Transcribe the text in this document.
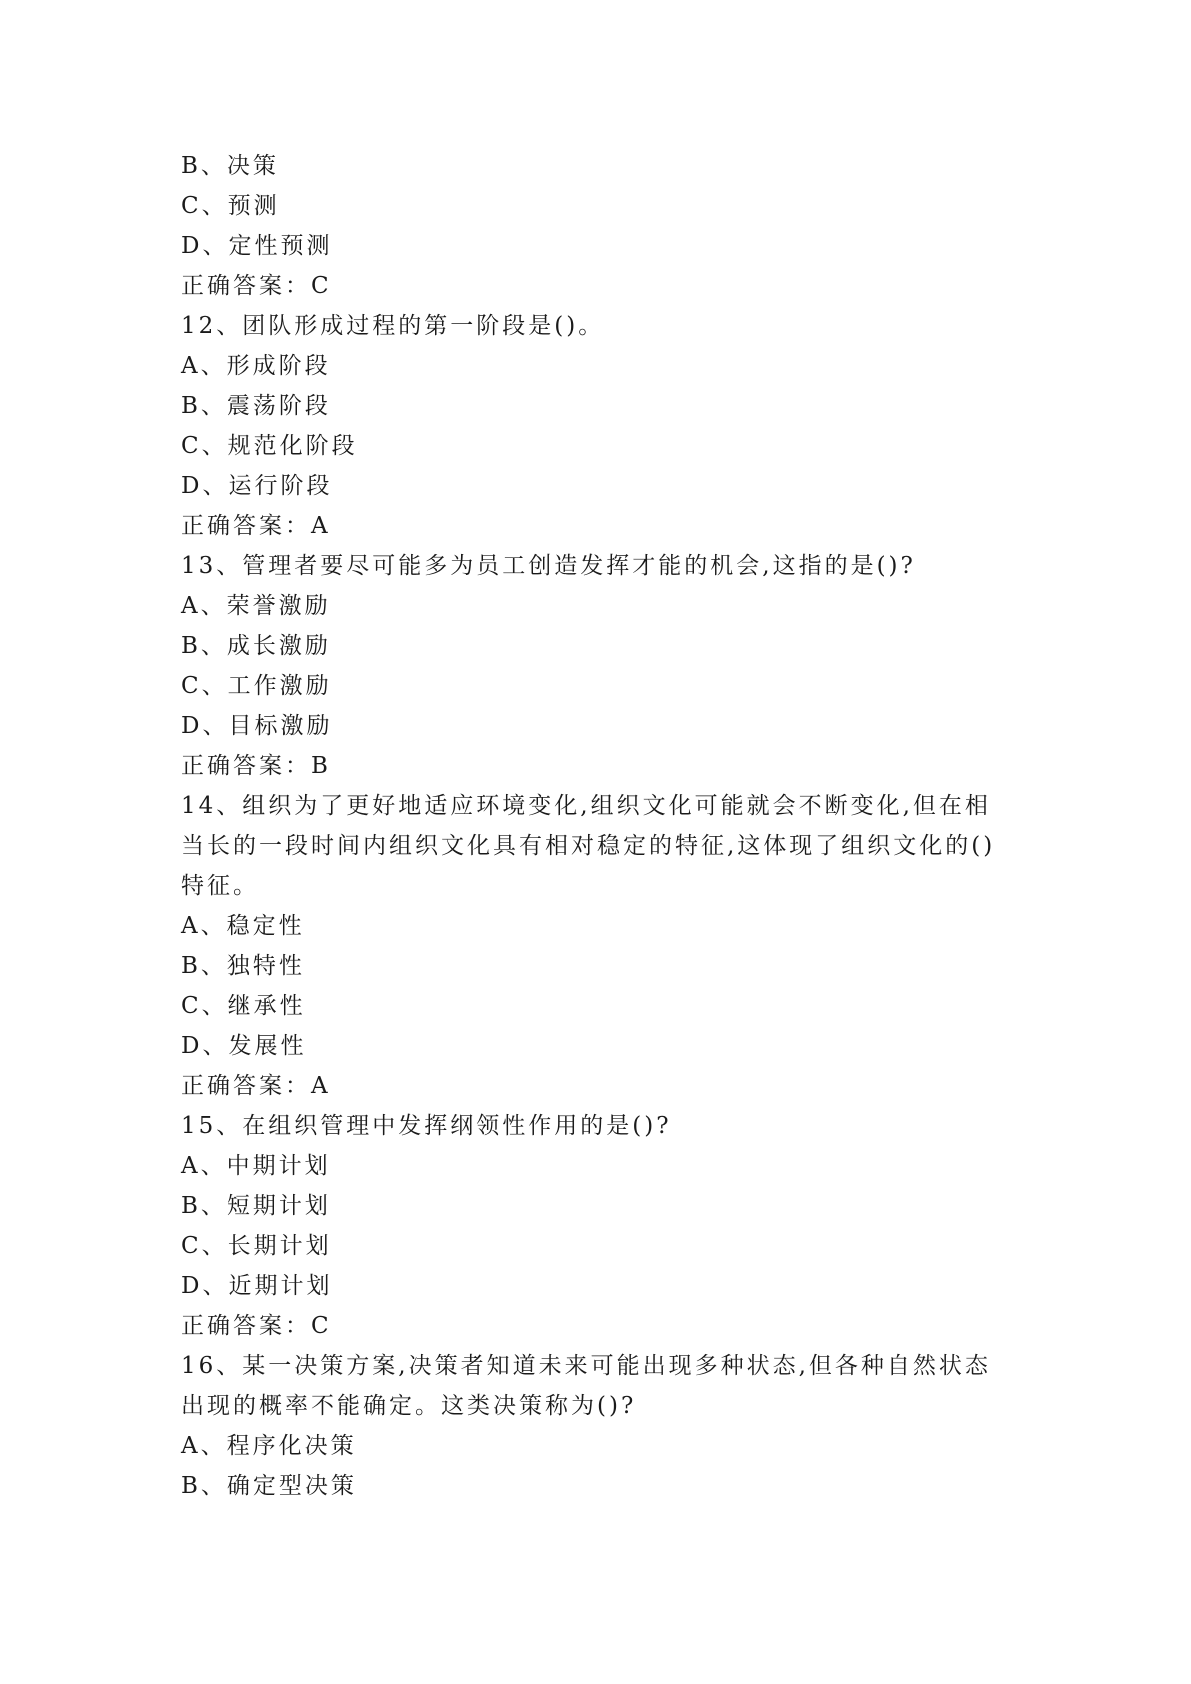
B、决策
C、预测
D、定性预测
正确答案：C
12、团队形成过程的第一阶段是()。
A、形成阶段
B、震荡阶段
C、规范化阶段
D、运行阶段
正确答案：A
13、管理者要尽可能多为员工创造发挥才能的机会,这指的是()?
A、荣誉激励
B、成长激励
C、工作激励
D、目标激励
正确答案：B
14、组织为了更好地适应环境变化,组织文化可能就会不断变化,但在相
当长的一段时间内组织文化具有相对稳定的特征,这体现了组织文化的()
特征。
A、稳定性
B、独特性
C、继承性
D、发展性
正确答案：A
15、在组织管理中发挥纲领性作用的是()?
A、中期计划
B、短期计划
C、长期计划
D、近期计划
正确答案：C
16、某一决策方案,决策者知道未来可能出现多种状态,但各种自然状态
出现的概率不能确定。这类决策称为()?
A、程序化决策
B、确定型决策
